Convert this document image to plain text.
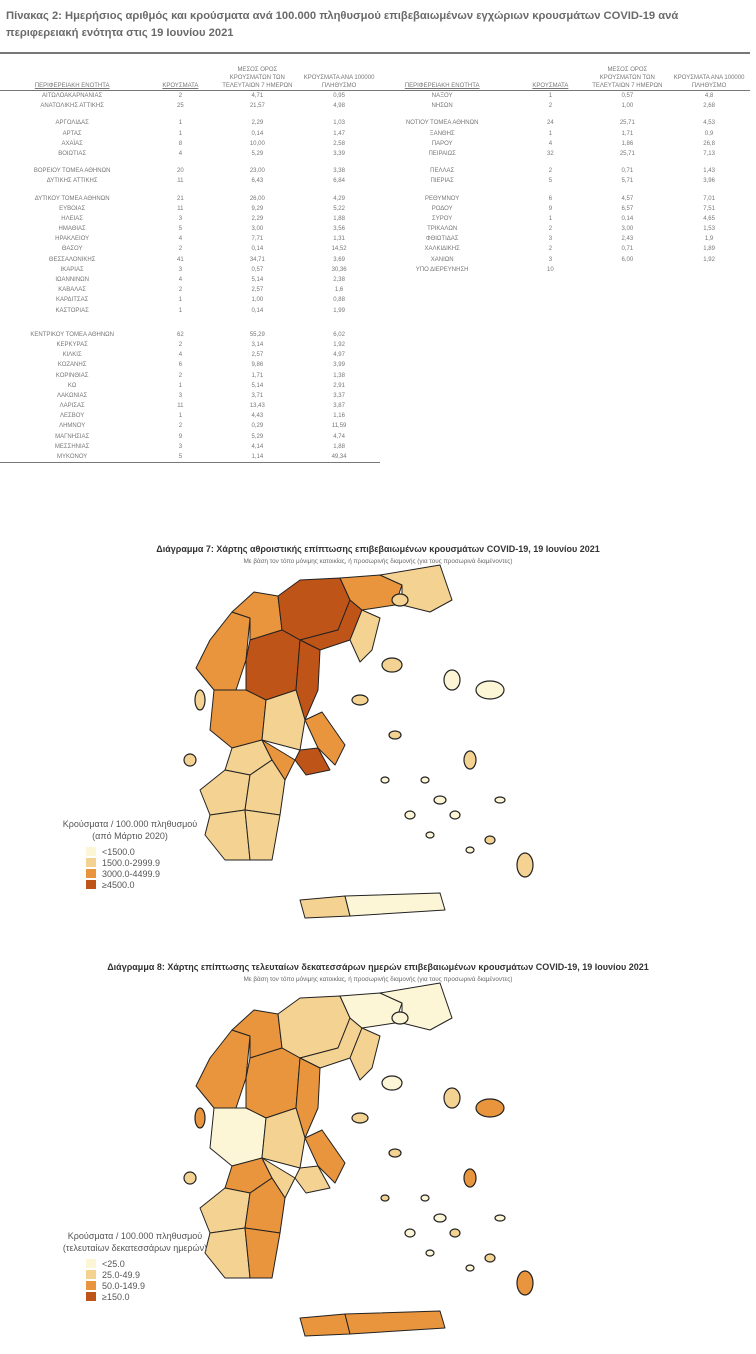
Πίνακας 2: Ημερήσιος αριθμός και κρούσματα ανά 100.000 πληθυσμού επιβεβαιωμένων εγχώριων κρουσμάτων COVID-19 ανά περιφερειακή ενότητα στις 19 Ιουνίου 2021
ΠΕΡΙΦΕΡΕΙΑΚΗ ΕΝΟΤΗΤΑ	ΚΡΟΥΣΜΑΤΑ
ΜΕΣΟΣ ΟΡΟΣ ΚΡΟΥΣΜΑΤΩΝ ΤΩΝ ΤΕΛΕΥΤΑΙΩΝ 7 ΗΜΕΡΩΝ
ΚΡΟΥΣΜΑΤΑ ΑΝΑ 100000 ΠΛΗΘΥΣΜΟ
ΑΙΤΩΛΟΑΚΑΡΝΑΝΙΑΣ	2	4,71	0,95
ΑΝΑΤΟΛΙΚΗΣ ΑΤΤΙΚΗΣ	25	21,57	4,98
ΑΡΓΟΛΙΔΑΣ	1	2,29	1,03
ΑΡΤΑΣ	1	0,14	1,47
ΑΧΑΪΑΣ	8	10,00	2,58
ΒΟΙΩΤΙΑΣ	4	5,29	3,39
ΒΟΡΕΙΟΥ ΤΟΜΕΑ ΑΘΗΝΩΝ	20	23,00	3,38
ΔΥΤΙΚΗΣ ΑΤΤΙΚΗΣ	11	6,43	6,84
ΔΥΤΙΚΟΥ ΤΟΜΕΑ ΑΘΗΝΩΝ	21	26,00	4,29
ΕΥΒΟΙΑΣ	11	9,29	5,22
ΗΛΕΙΑΣ	3	2,29	1,88
ΗΜΑΘΙΑΣ	5	3,00	3,56
ΗΡΑΚΛΕΙΟΥ	4	7,71	1,31
ΘΑΣΟΥ	2	0,14	14,52
ΘΕΣΣΑΛΟΝΙΚΗΣ	41	34,71	3,69
ΙΚΑΡΙΑΣ	3	0,57	30,36
ΙΩΑΝΝΙΝΩΝ	4	5,14	2,38
ΚΑΒΑΛΑΣ	2	2,57	1,6
ΚΑΡΔΙΤΣΑΣ	1	1,00	0,88
ΚΑΣΤΟΡΙΑΣ	1	0,14	1,99
ΚΕΝΤΡΙΚΟΥ ΤΟΜΕΑ ΑΘΗΝΩΝ	62	55,29	6,02
ΚΕΡΚΥΡΑΣ	2	3,14	1,92
ΚΙΛΚΙΣ	4	2,57	4,97
ΚΟΖΑΝΗΣ	6	9,86	3,99
ΚΟΡΙΝΘΙΑΣ	2	1,71	1,38
ΚΩ	1	5,14	2,91
ΛΑΚΩΝΙΑΣ	3	3,71	3,37
ΛΑΡΙΣΑΣ	11	13,43	3,87
ΛΕΣΒΟΥ	1	4,43	1,16
ΛΗΜΝΟΥ	2	0,29	11,59
ΜΑΓΝΗΣΙΑΣ	9	5,29	4,74
ΜΕΣΣΗΝΙΑΣ	3	4,14	1,88
ΜΥΚΟΝΟΥ	5	1,14	49,34
ΠΕΡΙΦΕΡΕΙΑΚΗ ΕΝΟΤΗΤΑ	ΚΡΟΥΣΜΑΤΑ
ΜΕΣΟΣ ΟΡΟΣ ΚΡΟΥΣΜΑΤΩΝ ΤΩΝ ΤΕΛΕΥΤΑΙΩΝ 7 ΗΜΕΡΩΝ
ΚΡΟΥΣΜΑΤΑ ΑΝΑ 100000 ΠΛΗΘΥΣΜΟ
ΝΑΞΟΥ	1	0,57	4,8
ΝΗΣΩΝ	2	1,00	2,68
ΝΟΤΙΟΥ ΤΟΜΕΑ ΑΘΗΝΩΝ	24	25,71	4,53
ΞΑΝΘΗΣ	1	1,71	0,9
ΠΑΡΟΥ	4	1,86	26,8
ΠΕΙΡΑΙΩΣ	32	25,71	7,13
ΠΕΛΛΑΣ	2	0,71	1,43
ΠΙΕΡΙΑΣ	5	5,71	3,96
ΡΕΘΥΜΝΟΥ	6	4,57	7,01
ΡΟΔΟΥ	9	6,57	7,51
ΣΥΡΟΥ	1	0,14	4,65
ΤΡΙΚΑΛΩΝ	2	3,00	1,53
ΦΘΙΩΤΙΔΑΣ	3	2,43	1,9
ΧΑΛΚΙΔΙΚΗΣ	2	0,71	1,89
ΧΑΝΙΩΝ	3	6,00	1,92
ΥΠΟ ΔΙΕΡΕΥΝΗΣΗ	10
Διάγραμμα 7: Χάρτης αθροιστικής επίπτωσης επιβεβαιωμένων κρουσμάτων COVID-19, 19 Ιουνίου 2021
Με βάση τον τόπο μόνιμης κατοικίας, ή προσωρινής διαμονής (για τους προσωρινά διαμένοντες)
Κρούσματα / 100.000 πληθυσμού
(από Μάρτιο 2020)
<1500.0
1500.0-2999.9
3000.0-4499.9
≥4500.0
Διάγραμμα 8: Χάρτης επίπτωσης τελευταίων δεκατεσσάρων ημερών επιβεβαιωμένων κρουσμάτων COVID-19, 19 Ιουνίου 2021
Με βάση τον τόπο μόνιμης κατοικίας, ή προσωρινής διαμονής (για τους προσωρινά διαμένοντες)
Κρούσματα / 100.000 πληθυσμού
(τελευταίων δεκατεσσάρων ημερών)
<25.0
25.0-49.9
50.0-149.9
≥150.0
